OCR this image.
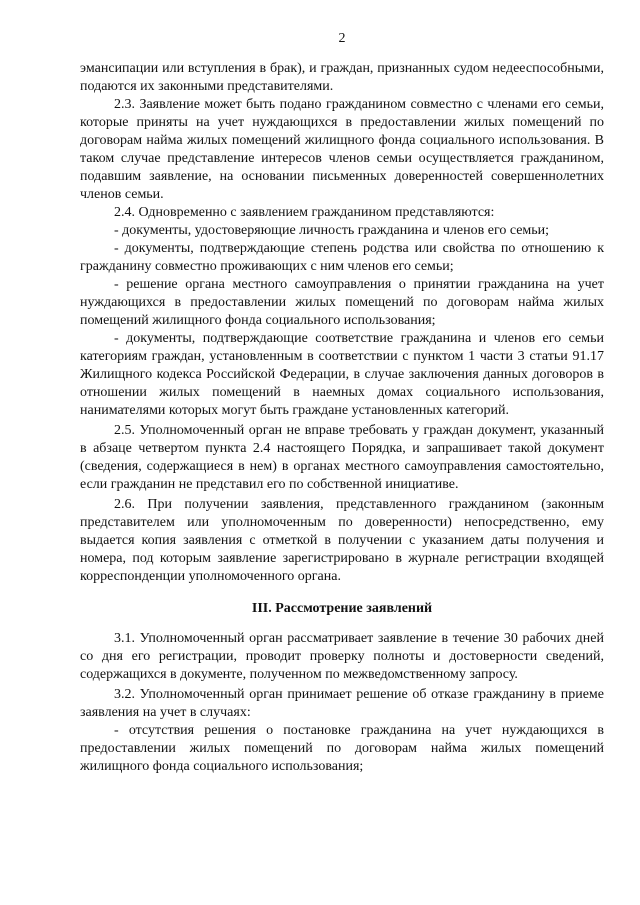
2

эмансипации или вступления в брак), и граждан, признанных судом недееспособными, подаются их законными представителями.

2.3. Заявление может быть подано гражданином совместно с членами его семьи, которые приняты на учет нуждающихся в предоставлении жилых помещений по договорам найма жилых помещений жилищного фонда социального использования. В таком случае представление интересов членов семьи осуществляется гражданином, подавшим заявление, на основании письменных доверенностей совершеннолетних членов семьи.

2.4. Одновременно с заявлением гражданином представляются:

- документы, удостоверяющие личность гражданина и членов его семьи;

- документы, подтверждающие степень родства или свойства по отношению к гражданину совместно проживающих с ним членов его семьи;

- решение органа местного самоуправления о принятии гражданина на учет нуждающихся в предоставлении жилых помещений по договорам найма жилых помещений жилищного фонда социального использования;

- документы, подтверждающие соответствие гражданина и членов его семьи категориям граждан, установленным в соответствии с пунктом 1 части 3 статьи 91.17 Жилищного кодекса Российской Федерации, в случае заключения данных договоров в отношении жилых помещений в наемных домах социального использования, нанимателями которых могут быть граждане установленных категорий.

2.5. Уполномоченный орган не вправе требовать у граждан документ, указанный в абзаце четвертом пункта 2.4 настоящего Порядка, и запрашивает такой документ (сведения, содержащиеся в нем) в органах местного самоуправления самостоятельно, если гражданин не представил его по собственной инициативе.

2.6. При получении заявления, представленного гражданином (законным представителем или уполномоченным по доверенности) непосредственно, ему выдается копия заявления с отметкой в получении с указанием даты получения и номера, под которым заявление зарегистрировано в журнале регистрации входящей корреспонденции уполномоченного органа.

III. Рассмотрение заявлений

3.1. Уполномоченный орган рассматривает заявление в течение 30 рабочих дней со дня его регистрации, проводит проверку полноты и достоверности сведений, содержащихся в документе, полученном по межведомственному запросу.

3.2. Уполномоченный орган принимает решение об отказе гражданину в приеме заявления на учет в случаях:

- отсутствия решения о постановке гражданина на учет нуждающихся в предоставлении жилых помещений по договорам найма жилых помещений жилищного фонда социального использования;
